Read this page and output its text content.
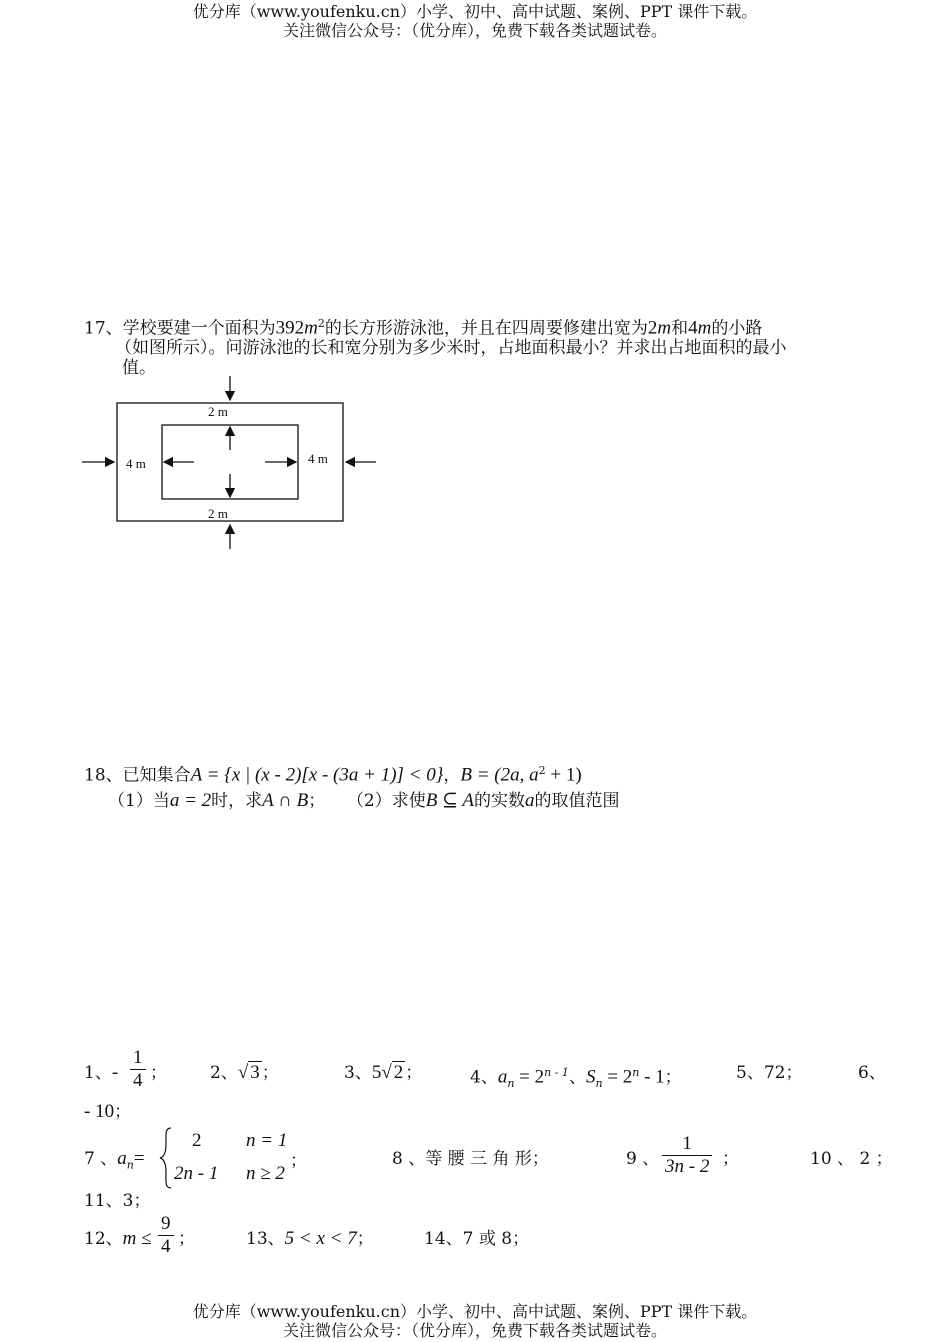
优分库（www.youfenku.cn）小学、初中、高中试题、案例、PPT 课件下载。
关注微信公众号：（优分库），免费下载各类试题试卷。
17、学校要建一个面积为$392m^2$的长方形游泳池，并且在四周要修建出宽为2m和4m的小路
（如图所示）。问游泳池的长和宽分别为多少米时，占地面积最小？并求出占地面积的最小
值。
2 m
2 m
4 m	4 m
18、已知集合A = {x | (x - 2)[x - (3a + 1)] < 0}，B = (2a, $a^2 + 1$)
（1）当a = 2时，求A ∩ B； （2）求使B ⊆ A的实数a的取值范围
1、- $\frac{1}{4}$ ；	2、√ 3 ；	3、5√ 2 ；	4、$a_n = 2^{n - 1}$、$S_n = 2^n - 1$；	5、72；	6、
- 10；
7 、$a_n=$
2 n = 1
2n - 1 n ≥ 2
；	8 、等 腰 三 角 形；	9 、 $\frac{1}{3n - 2}$ ；	10 、 2 ；
11、3；
12、$m \le \frac{9}{4}$ ；	13、5 < x < 7；	14、7 或 8；
优分库（www.youfenku.cn）小学、初中、高中试题、案例、PPT 课件下载。
关注微信公众号：（优分库），免费下载各类试题试卷。
